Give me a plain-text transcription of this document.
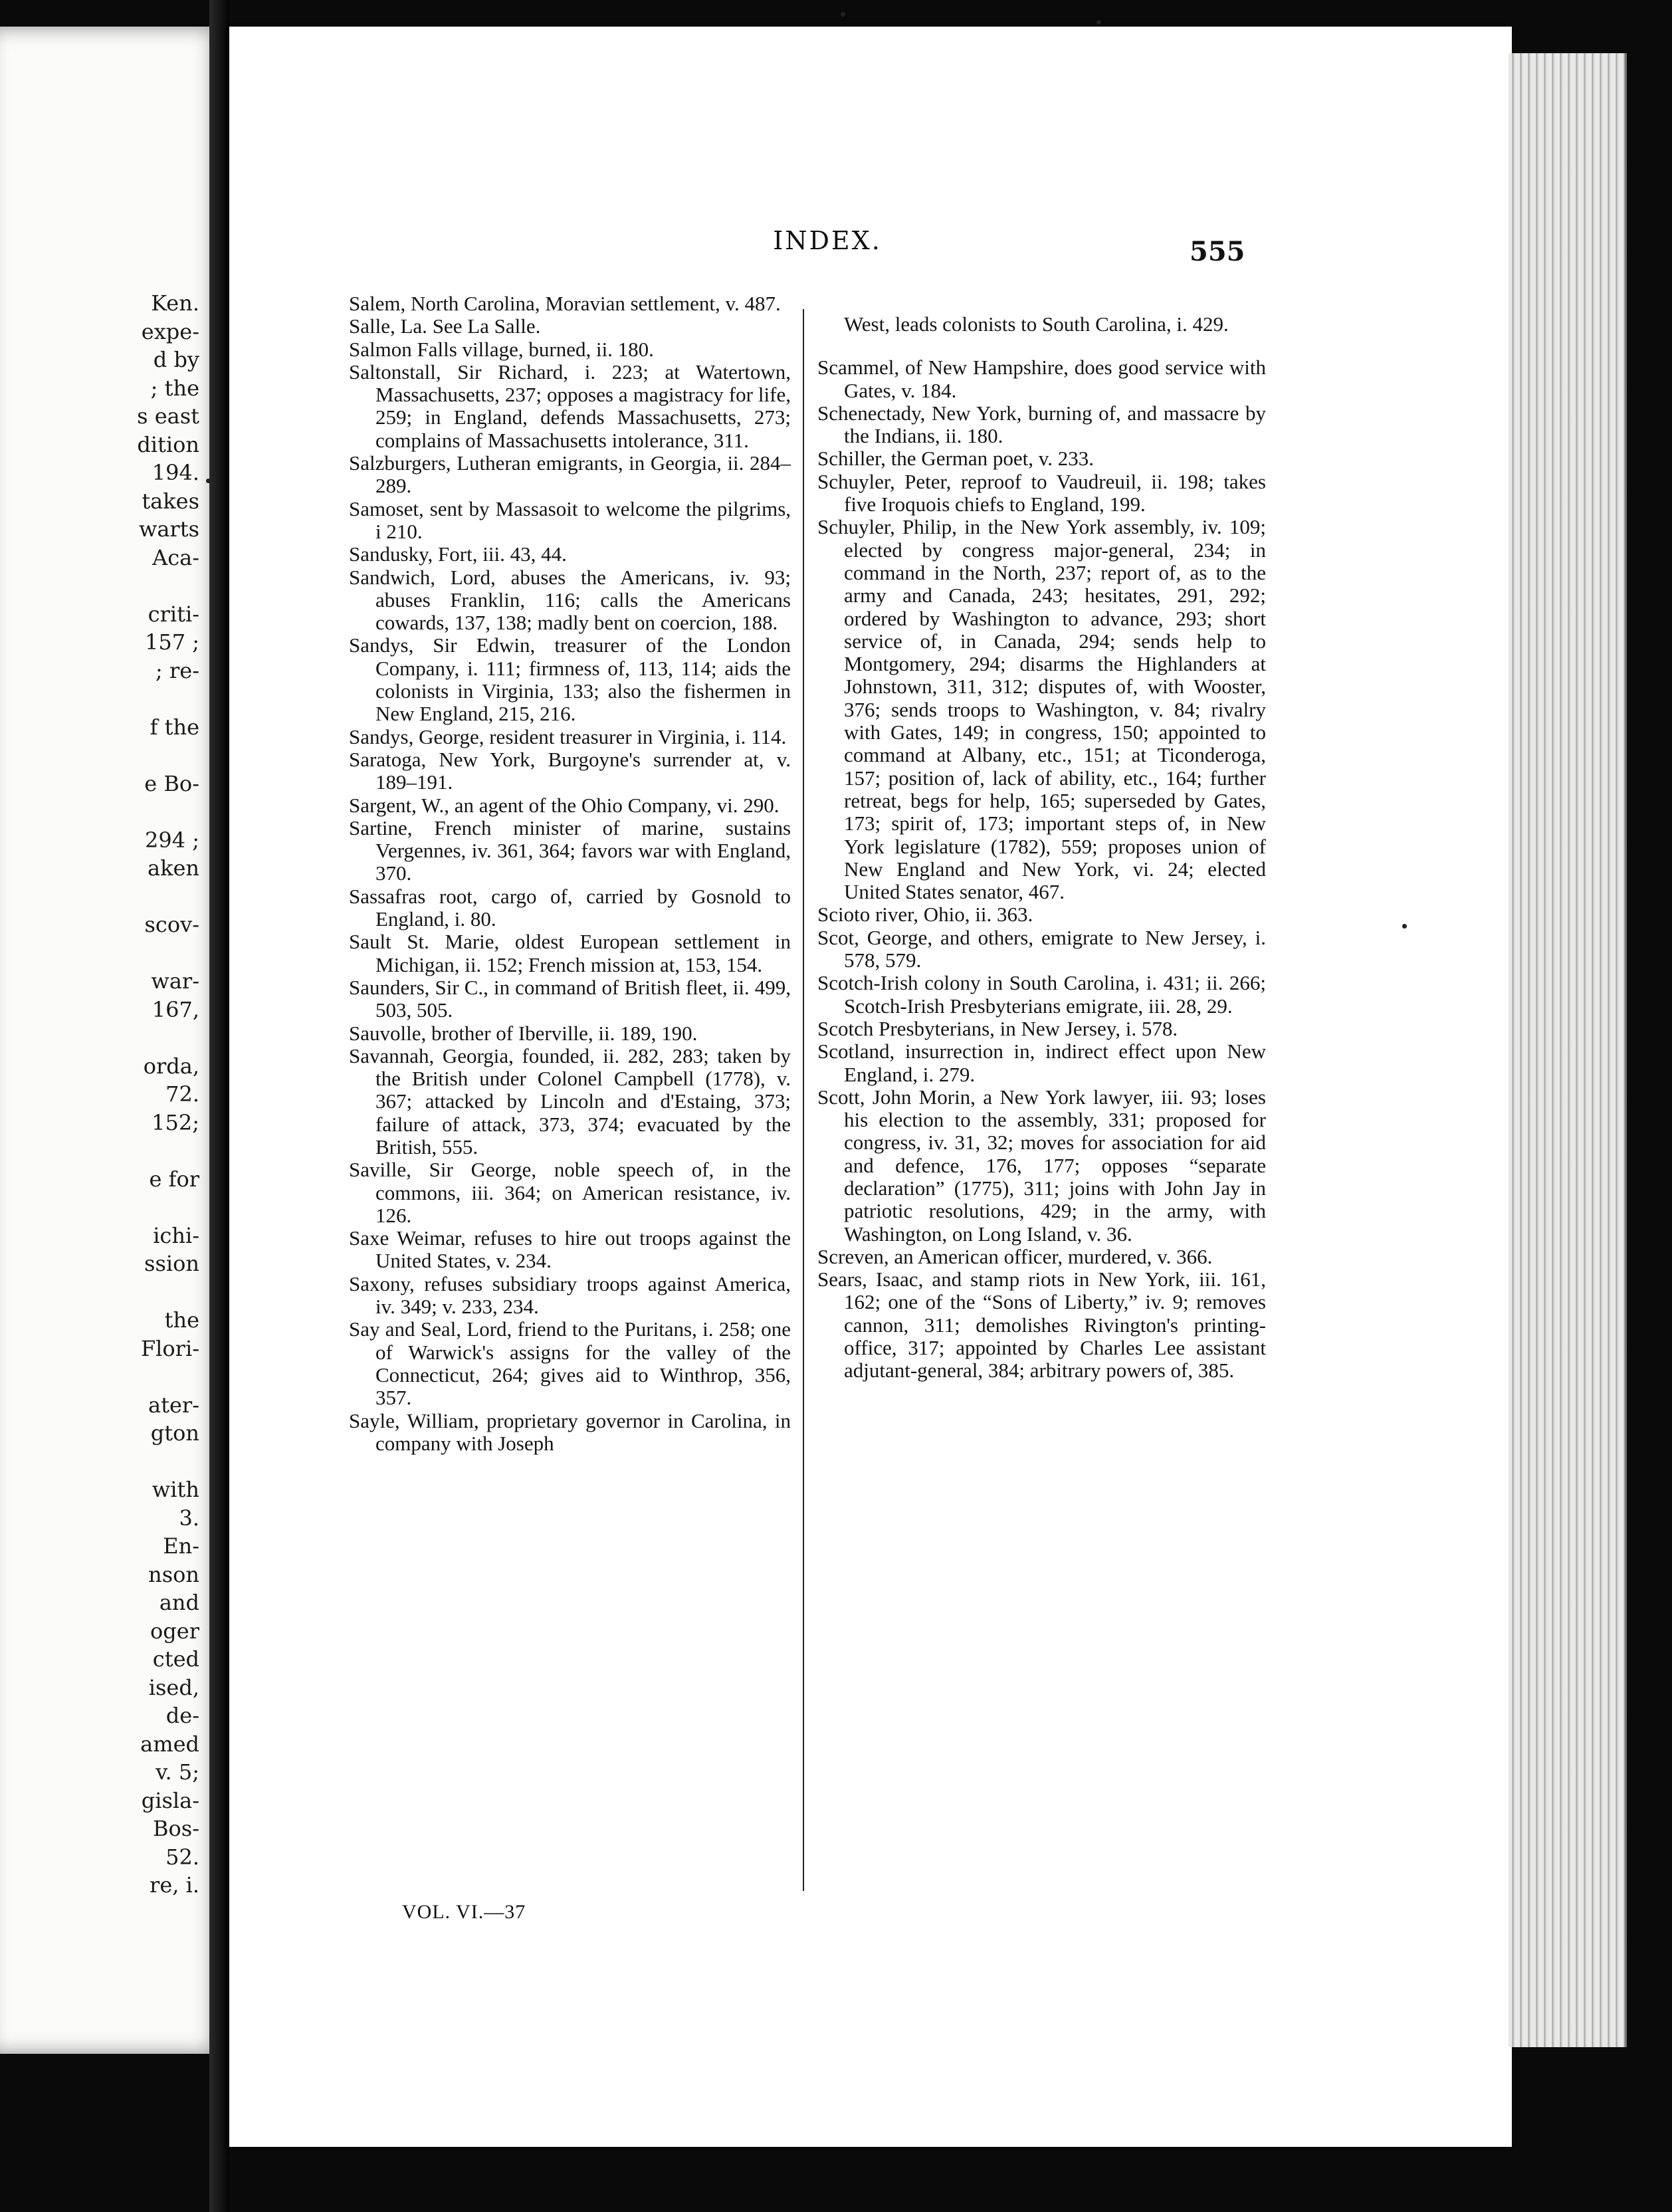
Ken.
expe-
d by
; the
s east
dition
194.
takes
warts
Aca-
criti-
157 ;
; re-
f the
e Bo-
294 ;
aken
scov-
war-
167,
orda,
72.
152;
e for
ichi-
ssion
the
Flori-
ater-
gton
with
3.
En-
nson
and
oger
cted
ised,
de-
amed
v. 5;
gisla-
Bos-
52.
re, i.
INDEX.	555

Salem, North Carolina, Moravian settlement, v. 487.

Salle, La. See La Salle.

Salmon Falls village, burned, ii. 180.

Saltonstall, Sir Richard, i. 223; at Watertown, Massachusetts, 237; opposes a magistracy for life, 259; in England, defends Massachusetts, 273; complains of Massachusetts intolerance, 311.

Salzburgers, Lutheran emigrants, in Georgia, ii. 284–289.

Samoset, sent by Massasoit to welcome the pilgrims, i 210.

Sandusky, Fort, iii. 43, 44.

Sandwich, Lord, abuses the Americans, iv. 93; abuses Franklin, 116; calls the Americans cowards, 137, 138; madly bent on coercion, 188.

Sandys, Sir Edwin, treasurer of the London Company, i. 111; firmness of, 113, 114; aids the colonists in Virginia, 133; also the fishermen in New England, 215, 216.

Sandys, George, resident treasurer in Virginia, i. 114.

Saratoga, New York, Burgoyne's surrender at, v. 189–191.

Sargent, W., an agent of the Ohio Company, vi. 290.

Sartine, French minister of marine, sustains Vergennes, iv. 361, 364; favors war with England, 370.

Sassafras root, cargo of, carried by Gosnold to England, i. 80.

Sault St. Marie, oldest European settlement in Michigan, ii. 152; French mission at, 153, 154.

Saunders, Sir C., in command of British fleet, ii. 499, 503, 505.

Sauvolle, brother of Iberville, ii. 189, 190.

Savannah, Georgia, founded, ii. 282, 283; taken by the British under Colonel Campbell (1778), v. 367; attacked by Lincoln and d'Estaing, 373; failure of attack, 373, 374; evacuated by the British, 555.

Saville, Sir George, noble speech of, in the commons, iii. 364; on American resistance, iv. 126.

Saxe Weimar, refuses to hire out troops against the United States, v. 234.

Saxony, refuses subsidiary troops against America, iv. 349; v. 233, 234.

Say and Seal, Lord, friend to the Puritans, i. 258; one of Warwick's assigns for the valley of the Connecticut, 264; gives aid to Winthrop, 356, 357.

Sayle, William, proprietary governor in Carolina, in company with Joseph

West, leads colonists to South Carolina, i. 429.

Scammel, of New Hampshire, does good service with Gates, v. 184.

Schenectady, New York, burning of, and massacre by the Indians, ii. 180.

Schiller, the German poet, v. 233.

Schuyler, Peter, reproof to Vaudreuil, ii. 198; takes five Iroquois chiefs to England, 199.

Schuyler, Philip, in the New York assembly, iv. 109; elected by congress major-general, 234; in command in the North, 237; report of, as to the army and Canada, 243; hesitates, 291, 292; ordered by Washington to advance, 293; short service of, in Canada, 294; sends help to Montgomery, 294; disarms the Highlanders at Johnstown, 311, 312; disputes of, with Wooster, 376; sends troops to Washington, v. 84; rivalry with Gates, 149; in congress, 150; appointed to command at Albany, etc., 151; at Ticonderoga, 157; position of, lack of ability, etc., 164; further retreat, begs for help, 165; superseded by Gates, 173; spirit of, 173; important steps of, in New York legislature (1782), 559; proposes union of New England and New York, vi. 24; elected United States senator, 467.

Scioto river, Ohio, ii. 363.

Scot, George, and others, emigrate to New Jersey, i. 578, 579.

Scotch-Irish colony in South Carolina, i. 431; ii. 266; Scotch-Irish Presbyterians emigrate, iii. 28, 29.

Scotch Presbyterians, in New Jersey, i. 578.

Scotland, insurrection in, indirect effect upon New England, i. 279.

Scott, John Morin, a New York lawyer, iii. 93; loses his election to the assembly, 331; proposed for congress, iv. 31, 32; moves for association for aid and defence, 176, 177; opposes “separate declaration” (1775), 311; joins with John Jay in patriotic resolutions, 429; in the army, with Washington, on Long Island, v. 36.

Screven, an American officer, murdered, v. 366.

Sears, Isaac, and stamp riots in New York, iii. 161, 162; one of the “Sons of Liberty,” iv. 9; removes cannon, 311; demolishes Rivington's printing-office, 317; appointed by Charles Lee assistant adjutant-general, 384; arbitrary powers of, 385.

VOL. VI.—37
